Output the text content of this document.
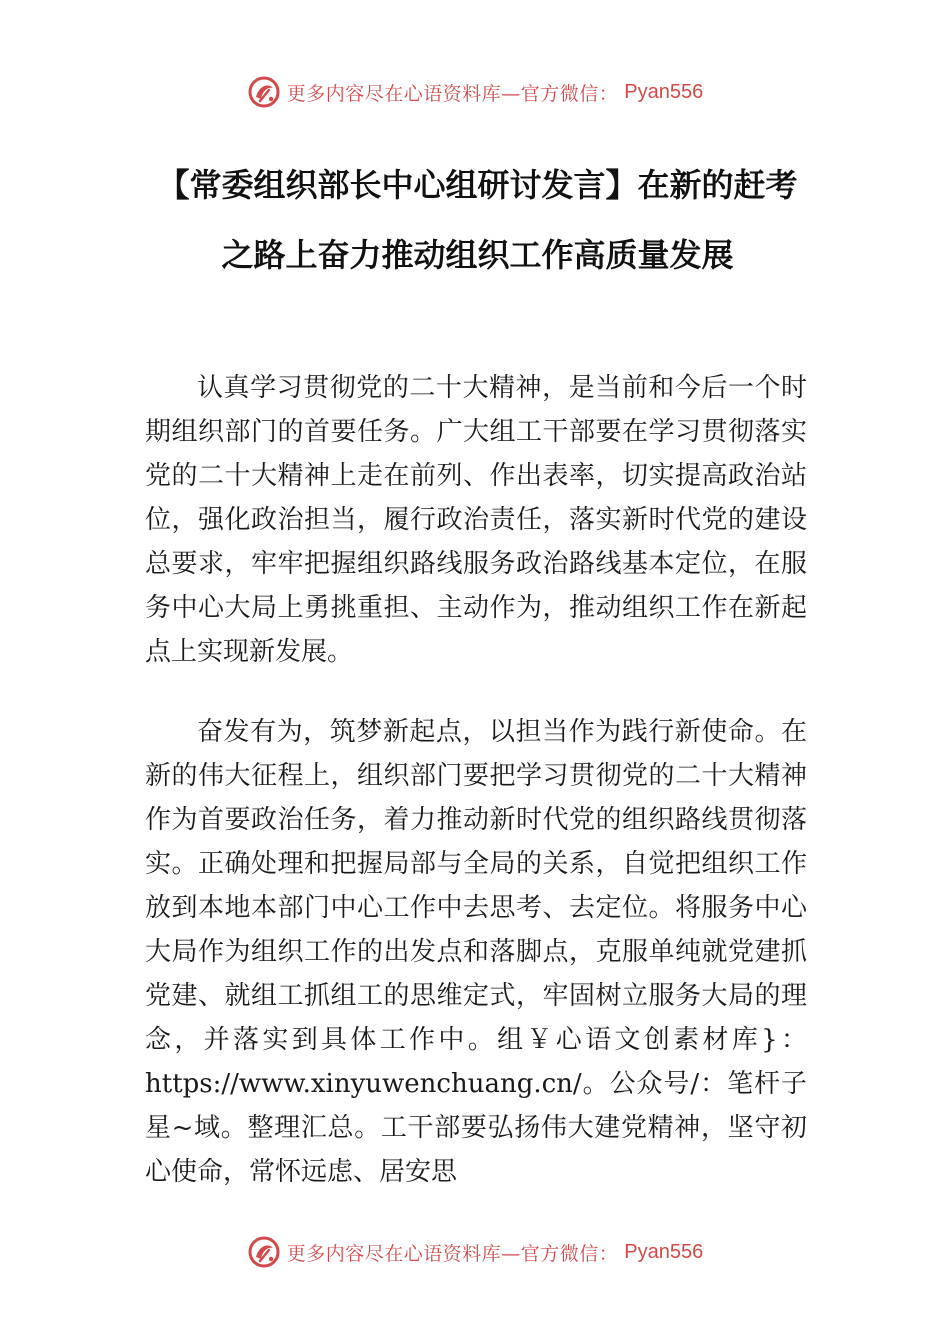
更多内容尽在心语资料库—官方微信： Pyan556
【常委组织部长中心组研讨发言】在新的赶考之路上奋力推动组织工作高质量发展

认真学习贯彻党的二十大精神，是当前和今后一个时期组织部门的首要任务。广大组工干部要在学习贯彻落实党的二十大精神上走在前列、作出表率，切实提高政治站位，强化政治担当，履行政治责任，落实新时代党的建设总要求，牢牢把握组织路线服务政治路线基本定位，在服务中心大局上勇挑重担、主动作为，推动组织工作在新起点上实现新发展。

奋发有为，筑梦新起点，以担当作为践行新使命。在新的伟大征程上，组织部门要把学习贯彻党的二十大精神作为首要政治任务，着力推动新时代党的组织路线贯彻落实。正确处理和把握局部与全局的关系，自觉把组织工作放到本地本部门中心工作中去思考、去定位。将服务中心大局作为组织工作的出发点和落脚点，克服单纯就党建抓党建、就组工抓组工的思维定式，牢固树立服务大局的理念，并落实到具体工作中。组￥心语文创素材库}：https://www.xinyuwenchuang.cn/。公众号/：笔杆子星~域。整理汇总。工干部要弘扬伟大建党精神，坚守初心使命，常怀远虑、居安思

更多内容尽在心语资料库—官方微信： Pyan556
